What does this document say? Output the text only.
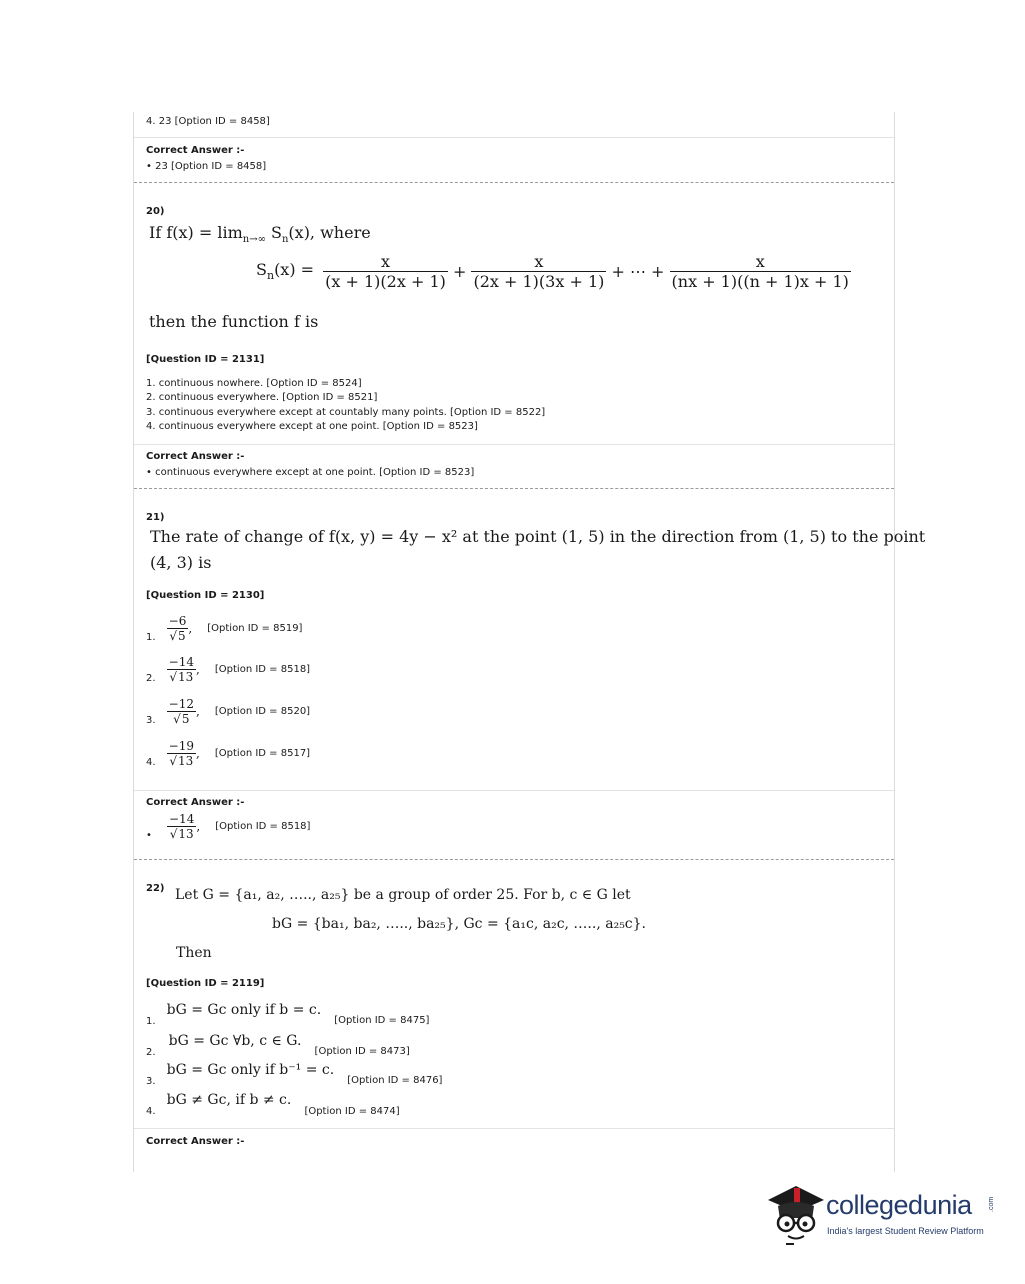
4. 23 [Option ID = 8458]
Correct Answer :-
• 23 [Option ID = 8458]
20)
If $f(x) = \lim_{n\to\infty} S_n(x)$, where
$S_n(x) = \frac{x}{(x + 1)(2x + 1)} + \frac{x}{(2x + 1)(3x + 1)}$ + ⋯ + $\frac{x}{(nx + 1)((n + 1)x + 1)}$
then the function f is
[Question ID = 2131]
1. continuous nowhere. [Option ID = 8524]
2. continuous everywhere. [Option ID = 8521]
3. continuous everywhere except at countably many points. [Option ID = 8522]
4. continuous everywhere except at one point. [Option ID = 8523]
Correct Answer :-
• continuous everywhere except at one point. [Option ID = 8523]
21)
The rate of change of f(x, y) = 4y − x² at the point (1, 5) in the direction from (1, 5) to the point
(4, 3) is
[Question ID = 2130]
1. $\frac{-6}{√5}$ , [Option ID = 8519]
2. $\frac{-14}{√13}$ , [Option ID = 8518]
3. $\frac{-12}{√5}$ , [Option ID = 8520]
4. $\frac{-19}{√13}$ , [Option ID = 8517]
Correct Answer :-
• $\frac{-14}{√13}$ , [Option ID = 8518]
22) Let G = {a₁, a₂, ….., a₂₅} be a group of order 25. For b, c ∈ G let
bG = {ba₁, ba₂, ….., ba₂₅}, Gc = {a₁c, a₂c, ….., a₂₅c}.
Then
[Question ID = 2119]
1. bG = Gc only if b = c. [Option ID = 8475]
2. bG = Gc ∀b, c ∈ G. [Option ID = 8473]
3. bG = Gc only if b⁻¹ = c. [Option ID = 8476]
4. bG ≠ Gc, if b ≠ c. [Option ID = 8474]
Correct Answer :-
collegedunia .com
India's largest Student Review Platform
